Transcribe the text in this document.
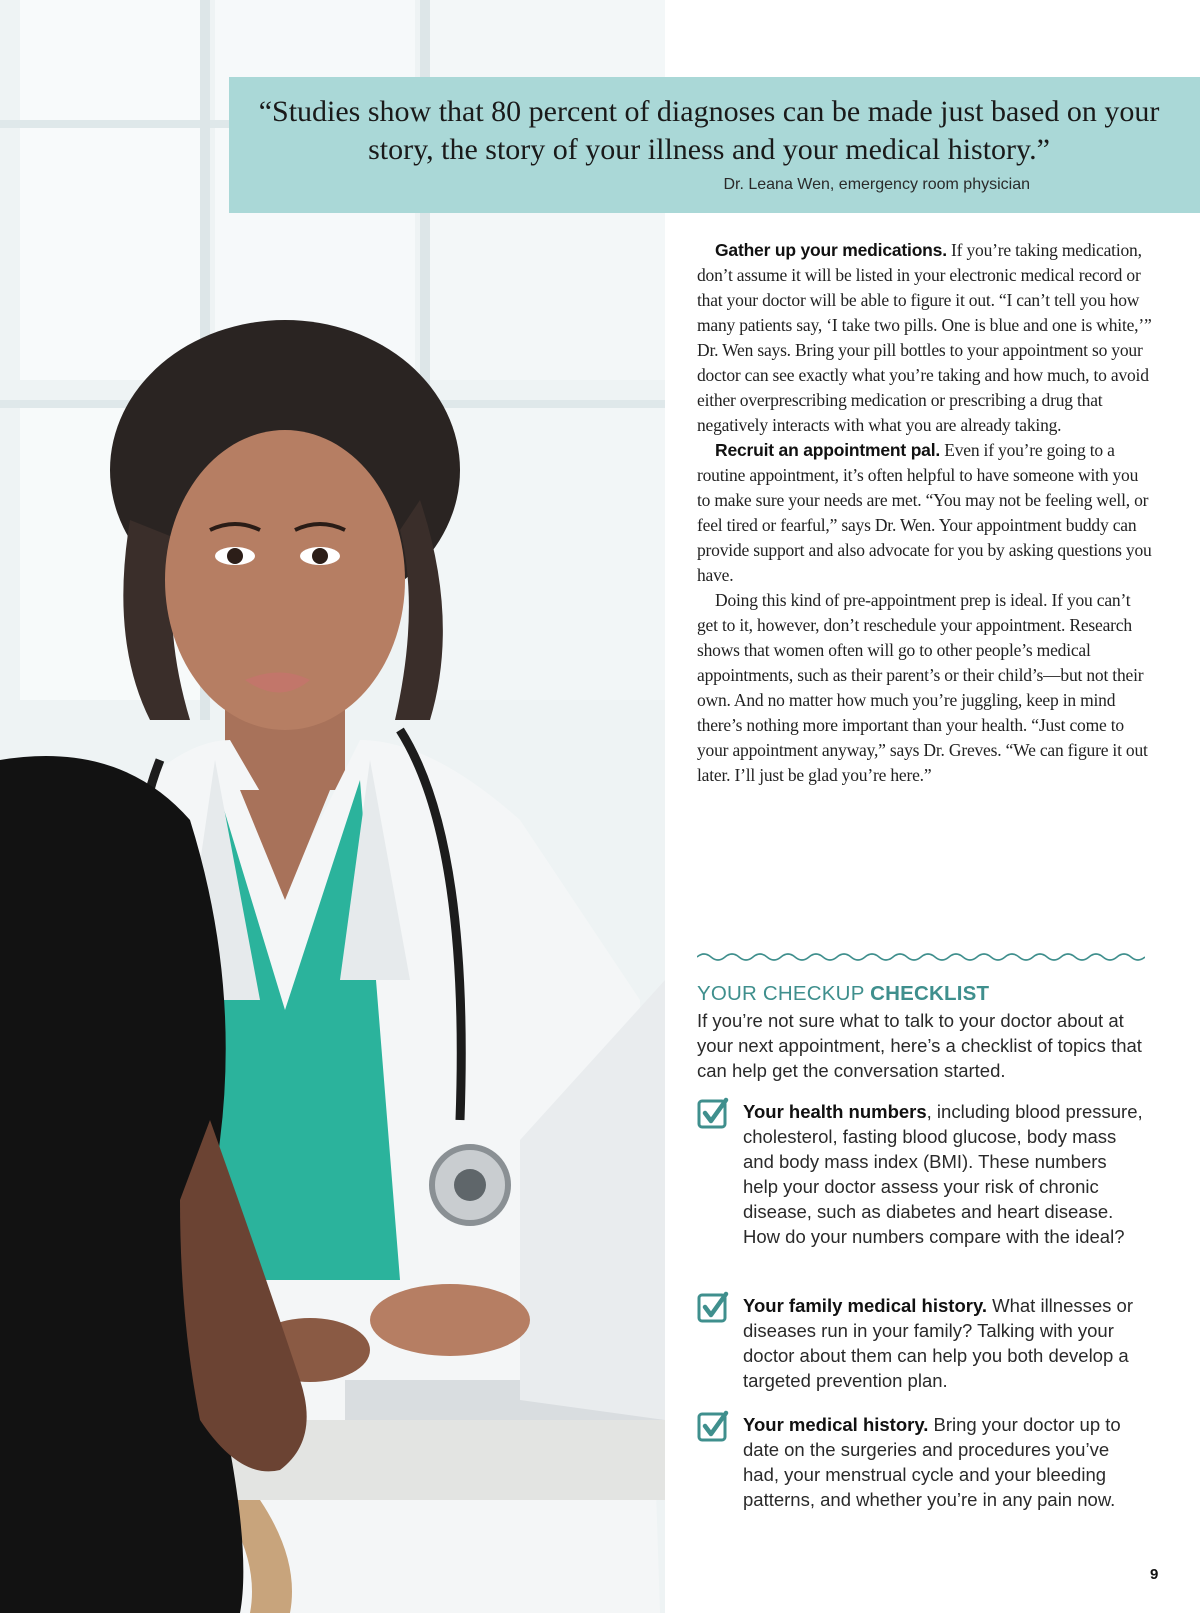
“Studies show that 80 percent of diagnoses can be made just based on your story, the story of your illness and your medical history.”
Dr. Leana Wen, emergency room physician

Gather up your medications. If you’re taking medication, don’t assume it will be listed in your electronic medical record or that your doctor will be able to figure it out. “I can’t tell you how many patients say, ‘I take two pills. One is blue and one is white,’” Dr. Wen says. Bring your pill bottles to your appointment so your doctor can see exactly what you’re taking and how much, to avoid either overprescribing medication or prescribing a drug that negatively interacts with what you are already taking.

Recruit an appointment pal. Even if you’re going to a routine appointment, it’s often helpful to have someone with you to make sure your needs are met. “You may not be feeling well, or feel tired or fearful,” says Dr. Wen. Your appointment buddy can provide support and also advocate for you by asking questions you have.

Doing this kind of pre-appointment prep is ideal. If you can’t get to it, however, don’t reschedule your appointment. Research shows that women often will go to other people’s medical appointments, such as their parent’s or their child’s—but not their own. And no matter how much you’re juggling, keep in mind there’s nothing more important than your health. “Just come to your appointment anyway,” says Dr. Greves. “We can figure it out later. I’ll just be glad you’re here.”

YOUR CHECKUP CHECKLIST
If you’re not sure what to talk to your doctor about at your next appointment, here’s a checklist of topics that can help get the conversation started.
Your health numbers, including blood pressure, cholesterol, fasting blood glucose, body mass and body mass index (BMI). These numbers help your doctor assess your risk of chronic disease, such as diabetes and heart disease. How do your numbers compare with the ideal?
Your family medical history. What illnesses or diseases run in your family? Talking with your doctor about them can help you both develop a targeted prevention plan.
Your medical history. Bring your doctor up to date on the surgeries and procedures you’ve had, your menstrual cycle and your bleeding patterns, and whether you’re in any pain now.
9
